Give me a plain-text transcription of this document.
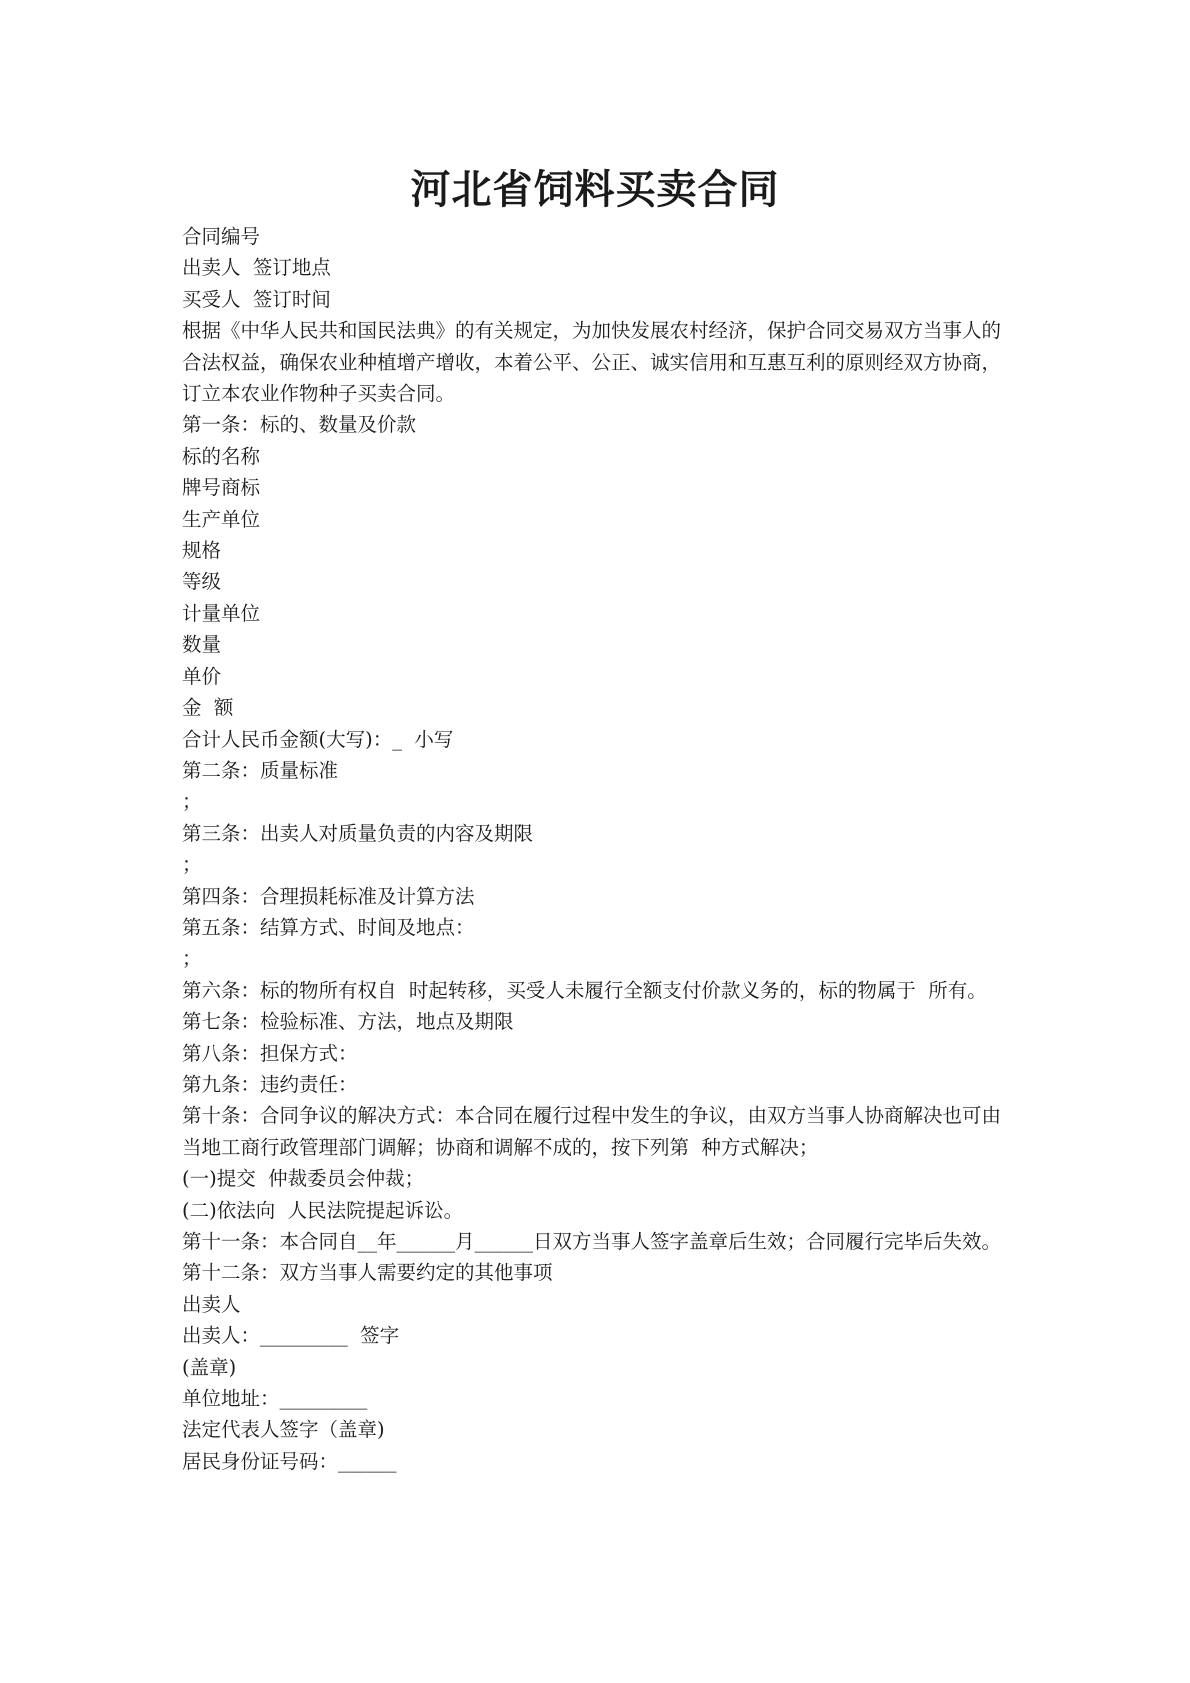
河北省饲料买卖合同

合同编号

出卖人  签订地点

买受人  签订时间

根据《中华人民共和国民法典》的有关规定，为加快发展农村经济，保护合同交易双方当事人的合法权益，确保农业种植增产增收，本着公平、公正、诚实信用和互惠互利的原则经双方协商，订立本农业作物种子买卖合同。

第一条：标的、数量及价款

标的名称

牌号商标

生产单位

规格

等级

计量单位

数量

单价

金  额

合计人民币金额(大写)：_  小写

第二条：质量标准

；

第三条：出卖人对质量负责的内容及期限

；

第四条：合理损耗标准及计算方法

第五条：结算方式、时间及地点：

；

第六条：标的物所有权自  时起转移，买受人未履行全额支付价款义务的，标的物属于  所有。

第七条：检验标准、方法，地点及期限

第八条：担保方式：

第九条：违约责任：

第十条：合同争议的解决方式：本合同在履行过程中发生的争议，由双方当事人协商解决也可由当地工商行政管理部门调解；协商和调解不成的，按下列第  种方式解决；

(一)提交  仲裁委员会仲裁；

(二)依法向  人民法院提起诉讼。

第十一条：本合同自__年______月______日双方当事人签字盖章后生效；合同履行完毕后失效。

第十二条：双方当事人需要约定的其他事项

出卖人

出卖人：_________  签字

(盖章)

单位地址：_________

法定代表人签字（盖章)

居民身份证号码：______
